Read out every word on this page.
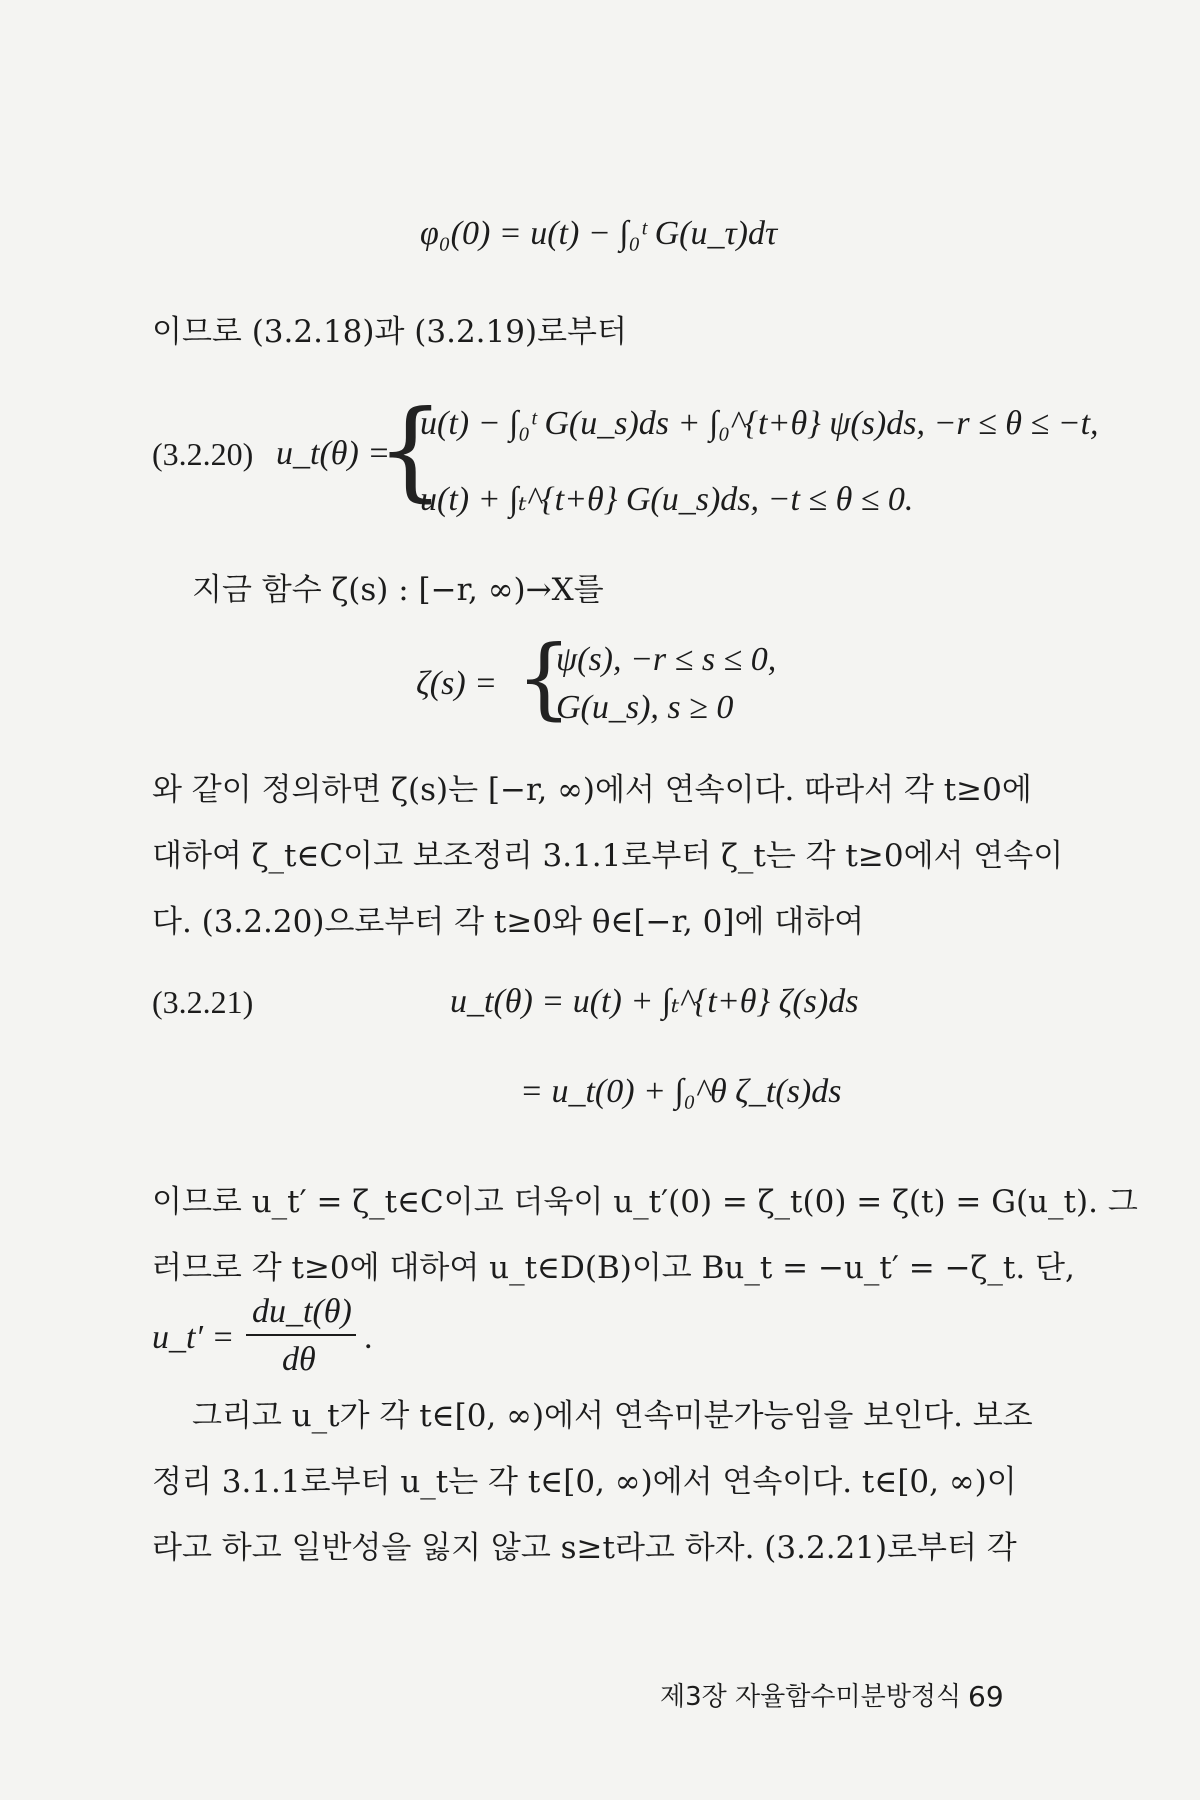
φ₀(0) = u(t) − ∫₀ᵗ G(u_τ)dτ
이므로 (3.2.18)과 (3.2.19)로부터
(3.2.20) u_t(θ) =
{
u(t) − ∫₀ᵗ G(u_s)ds + ∫₀^{t+θ} ψ(s)ds, −r ≤ θ ≤ −t,
u(t) + ∫ₜ^{t+θ} G(u_s)ds, −t ≤ θ ≤ 0.
지금 함수 ζ(s) : [−r, ∞)→X를
ζ(s) = {
ψ(s), −r ≤ s ≤ 0,
G(u_s), s ≥ 0
와 같이 정의하면 ζ(s)는 [−r, ∞)에서 연속이다. 따라서 각 t≥0에
대하여 ζ_t∈C이고 보조정리 3.1.1로부터 ζ_t는 각 t≥0에서 연속이
다. (3.2.20)으로부터 각 t≥0와 θ∈[−r, 0]에 대하여
(3.2.21)	u_t(θ) = u(t) + ∫ₜ^{t+θ} ζ(s)ds
= u_t(0) + ∫₀^θ ζ_t(s)ds
이므로 u_t′ = ζ_t∈C이고 더욱이 u_t′(0) = ζ_t(0) = ζ(t) = G(u_t). 그
러므로 각 t≥0에 대하여 u_t∈D(B)이고 Bu_t = −u_t′ = −ζ_t. 단,
u_t′ =
du_t(θ)
dθ
.
그리고 u_t가 각 t∈[0, ∞)에서 연속미분가능임을 보인다. 보조
정리 3.1.1로부터 u_t는 각 t∈[0, ∞)에서 연속이다. t∈[0, ∞)이
라고 하고 일반성을 잃지 않고 s≥t라고 하자. (3.2.21)로부터 각
제3장 자율함수미분방정식 69
